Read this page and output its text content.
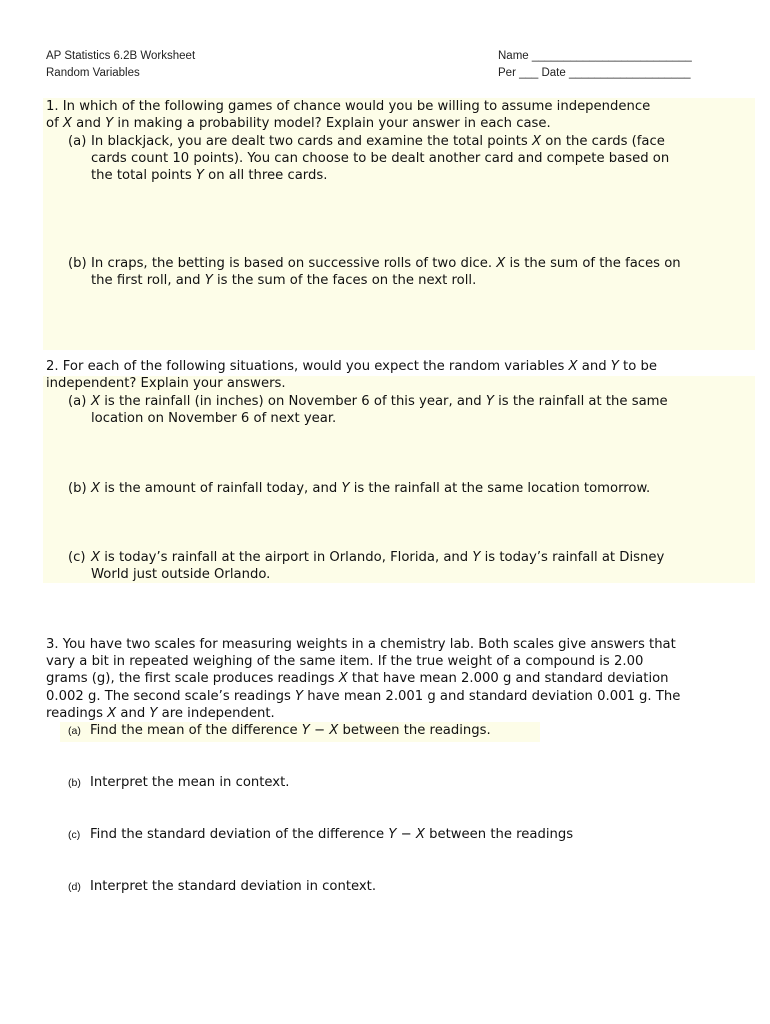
AP Statistics 6.2B Worksheet
Random Variables
Name _________________________
Per ___ Date ___________________
1. In which of the following games of chance would you be willing to assume independence
of X and Y in making a probability model? Explain your answer in each case.
(a) In blackjack, you are dealt two cards and examine the total points X on the cards (face
cards count 10 points). You can choose to be dealt another card and compete based on
the total points Y on all three cards.
(b) In craps, the betting is based on successive rolls of two dice. X is the sum of the faces on
the first roll, and Y is the sum of the faces on the next roll.
2. For each of the following situations, would you expect the random variables X and Y to be
independent? Explain your answers.
(a) X is the rainfall (in inches) on November 6 of this year, and Y is the rainfall at the same
location on November 6 of next year.
(b) X is the amount of rainfall today, and Y is the rainfall at the same location tomorrow.
(c) X is today’s rainfall at the airport in Orlando, Florida, and Y is today’s rainfall at Disney
World just outside Orlando.
3. You have two scales for measuring weights in a chemistry lab. Both scales give answers that
vary a bit in repeated weighing of the same item. If the true weight of a compound is 2.00
grams (g), the first scale produces readings X that have mean 2.000 g and standard deviation
0.002 g. The second scale’s readings Y have mean 2.001 g and standard deviation 0.001 g. The
readings X and Y are independent.
(a) Find the mean of the difference Y − X between the readings.
(b) Interpret the mean in context.
(c) Find the standard deviation of the difference Y − X between the readings
(d) Interpret the standard deviation in context.
